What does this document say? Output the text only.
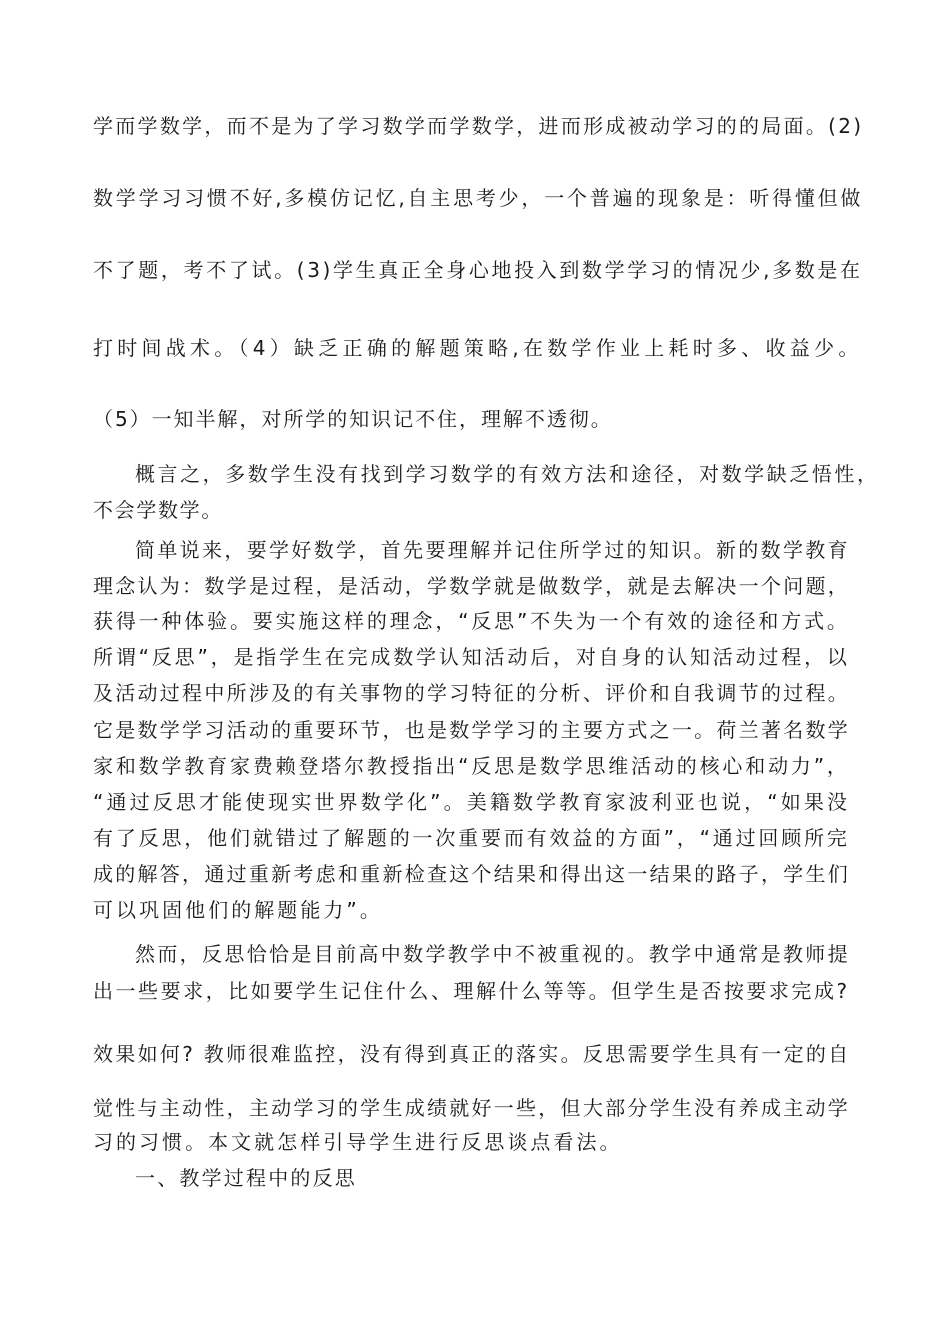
学而学数学，而不是为了学习数学而学数学，进而形成被动学习的的局面。(2)
数学学习习惯不好,多模仿记忆,自主思考少，一个普遍的现象是：听得懂但做
不了题，考不了试。(3)学生真正全身心地投入到数学学习的情况少,多数是在
打时间战术。（4）缺乏正确的解题策略,在数学作业上耗时多、收益少。
（5）一知半解，对所学的知识记不住，理解不透彻。
概言之，多数学生没有找到学习数学的有效方法和途径，对数学缺乏悟性，
不会学数学。
简单说来，要学好数学，首先要理解并记住所学过的知识。新的数学教育
理念认为：数学是过程，是活动，学数学就是做数学，就是去解决一个问题，
获得一种体验。要实施这样的理念，“反思”不失为一个有效的途径和方式。
所谓“反思”，是指学生在完成数学认知活动后，对自身的认知活动过程，以
及活动过程中所涉及的有关事物的学习特征的分析、评价和自我调节的过程。
它是数学学习活动的重要环节，也是数学学习的主要方式之一。荷兰著名数学
家和数学教育家费赖登塔尔教授指出“反思是数学思维活动的核心和动力”，
“通过反思才能使现实世界数学化”。美籍数学教育家波利亚也说，“如果没
有了反思，他们就错过了解题的一次重要而有效益的方面”，“通过回顾所完
成的解答，通过重新考虑和重新检查这个结果和得出这一结果的路子，学生们
可以巩固他们的解题能力”。
然而，反思恰恰是目前高中数学教学中不被重视的。教学中通常是教师提
出一些要求，比如要学生记住什么、理解什么等等。但学生是否按要求完成?
效果如何? 教师很难监控，没有得到真正的落实。反思需要学生具有一定的自
觉性与主动性，主动学习的学生成绩就好一些，但大部分学生没有养成主动学
习的习惯。本文就怎样引导学生进行反思谈点看法。
一、教学过程中的反思
